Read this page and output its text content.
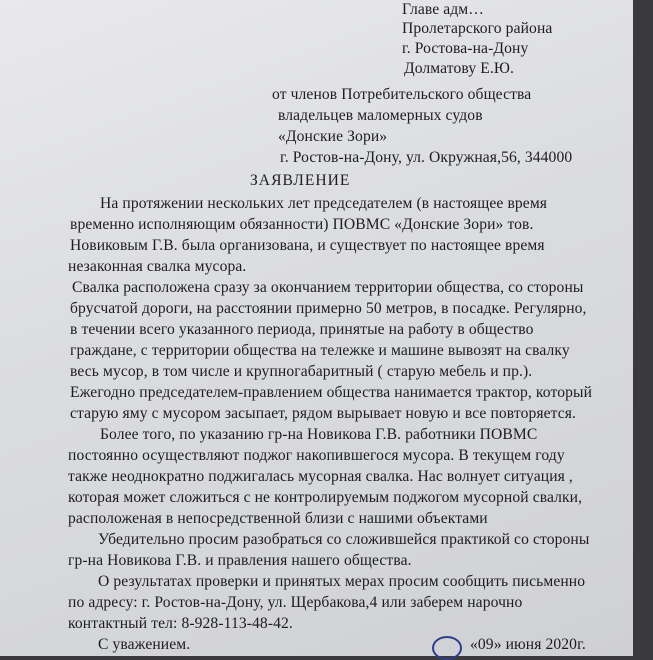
Главе адм…
Пролетарского района
г. Ростова-на-Дону
Долматову Е.Ю.
от членов Потребительского общества
владельцев маломерных судов
«Донские Зори»
г. Ростов-на-Дону, ул. Окружная,56, 344000
ЗАЯВЛЕНИЕ
На протяжении нескольких лет председателем (в настоящее время
временно исполняющим обязанности) ПОВМС «Донские Зори» тов.
Новиковым Г.В. была организована, и существует по настоящее время
незаконная свалка мусора.
Свалка расположена сразу за окончанием территории общества, со стороны
брусчатой дороги, на расстоянии примерно 50 метров, в посадке. Регулярно,
в течении всего указанного периода, принятые на работу в общество
граждане, с территории общества на тележке и машине вывозят на свалку
весь мусор, в том числе и крупногабаритный ( старую мебель и пр.).
Ежегодно председателем-правлением общества нанимается трактор, который
старую яму с мусором засыпает, рядом вырывает новую и все повторяется.
Более того, по указанию гр-на Новикова Г.В. работники ПОВМС
постоянно осуществляют поджог накопившегося мусора. В текущем году
также неоднократно поджигалась мусорная свалка. Нас волнует ситуация ,
которая может сложиться с не контролируемым поджогом мусорной свалки,
расположеная в непосредственной близи с нашими объектами
Убедительно просим разобраться со сложившейся практикой со стороны
гр-на Новикова Г.В. и правления нашего общества.
О результатах проверки и принятых мерах просим сообщить письменно
по адресу: г. Ростов-на-Дону, ул. Щербакова,4 или заберем нарочно
контактный тел: 8-928-113-48-42.
С уважением.	«09» июня 2020г.
